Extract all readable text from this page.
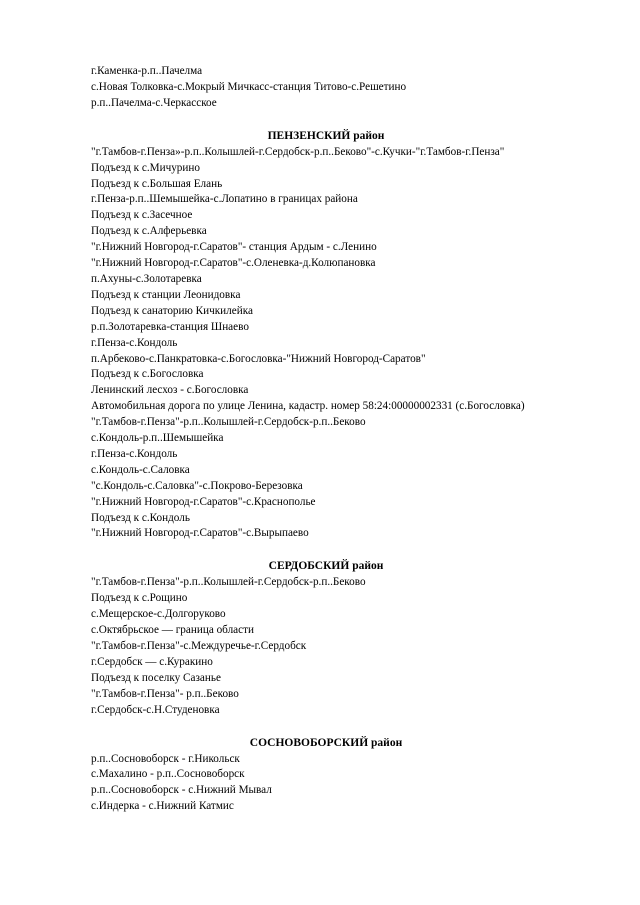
г.Каменка-р.п..Пачелма
с.Новая Толковка-с.Мокрый Мичкасс-станция Титово-с.Решетино
р.п..Пачелма-с.Черкасское
ПЕНЗЕНСКИЙ район
"г.Тамбов-г.Пенза»-р.п..Колышлей-г.Сердобск-р.п..Беково"-с.Кучки-"г.Тамбов-г.Пенза"
Подъезд к с.Мичурино
Подъезд к с.Большая Елань
г.Пенза-р.п..Шемышейка-с.Лопатино в границах района
Подъезд к с.Засечное
Подъезд к с.Алферьевка
"г.Нижний Новгород-г.Саратов"- станция Ардым - с.Ленино
"г.Нижний Новгород-г.Саратов"-с.Оленевка-д.Колюпановка
п.Ахуны-с.Золотаревка
Подъезд к станции Леонидовка
Подъезд к санаторию Кичкилейка
р.п.Золотаревка-станция Шнаево
г.Пенза-с.Кондоль
п.Арбеково-с.Панкратовка-с.Богословка-"Нижний Новгород-Саратов"
Подъезд к с.Богословка
Ленинский лесхоз - с.Богословка
Автомобильная дорога по улице Ленина, кадастр. номер 58:24:00000002331 (с.Богословка)
"г.Тамбов-г.Пенза"-р.п..Колышлей-г.Сердобск-р.п..Беково
с.Кондоль-р.п..Шемышейка
г.Пенза-с.Кондоль
с.Кондоль-с.Саловка
"с.Кондоль-с.Саловка"-с.Покрово-Березовка
"г.Нижний Новгород-г.Саратов"-с.Краснополье
Подъезд к с.Кондоль
"г.Нижний Новгород-г.Саратов"-с.Вырыпаево
СЕРДОБСКИЙ район
"г.Тамбов-г.Пенза"-р.п..Колышлей-г.Сердобск-р.п..Беково
Подъезд к с.Рощино
с.Мещерское-с.Долгоруково
с.Октябрьское — граница области
"г.Тамбов-г.Пенза"-с.Междуречье-г.Сердобск
г.Сердобск — с.Куракино
Подъезд к поселку Сазанье
"г.Тамбов-г.Пенза"- р.п..Беково
г.Сердобск-с.Н.Студеновка
СОСНОВОБОРСКИЙ район
р.п..Сосновоборск - г.Никольск
с.Махалино - р.п..Сосновоборск
р.п..Сосновоборск - с.Нижний Мывал
с.Индерка - с.Нижний Катмис
